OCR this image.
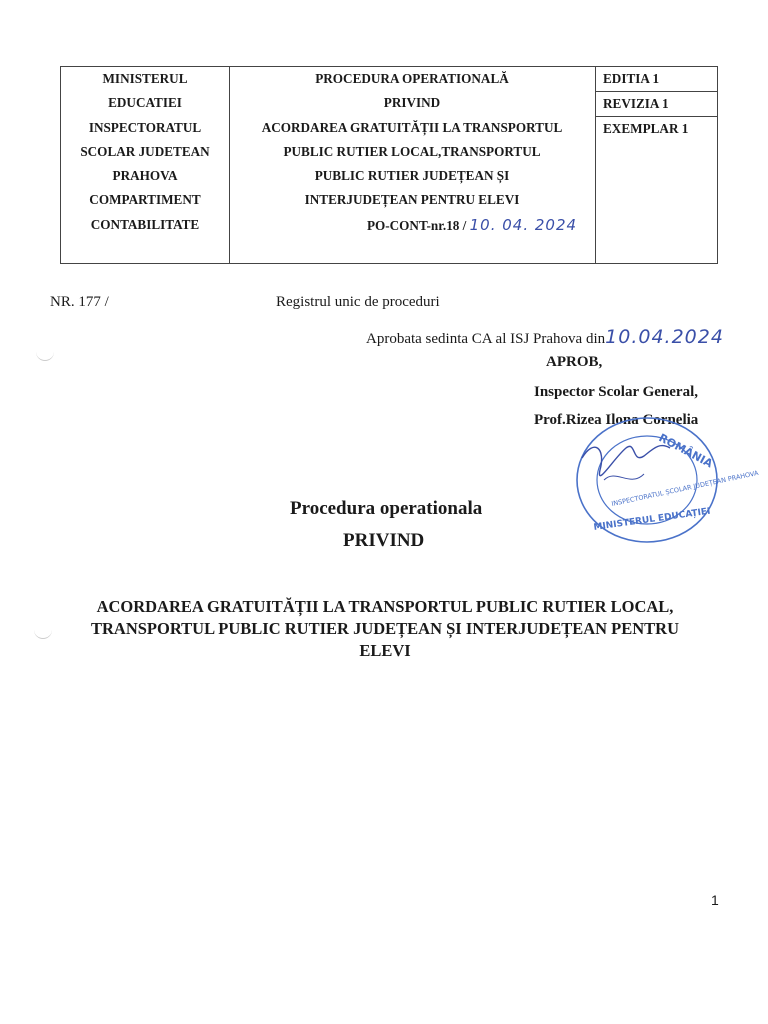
MINISTERUL
EDUCATIEI
INSPECTORATUL
SCOLAR JUDETEAN
PRAHOVA
COMPARTIMENT
CONTABILITATE
PROCEDURA OPERATIONALĂ
PRIVIND
ACORDAREA GRATUITĂȚII LA TRANSPORTUL
PUBLIC RUTIER LOCAL,TRANSPORTUL
PUBLIC RUTIER JUDEȚEAN ȘI
INTERJUDEȚEAN PENTRU ELEVI
PO-CONT-nr.18 / 10. 04. 2024
EDITIA 1
REVIZIA 1
EXEMPLAR 1
NR. 177 /	Registrul unic de proceduri
Aprobata sedinta CA al ISJ Prahova din10.04.2024
APROB,
Inspector Scolar General,
Prof.Rizea Ilona Cornelia
ROMÂNIA
MINISTERUL EDUCAȚIEI
INSPECTORATUL ȘCOLAR JUDEȚEAN PRAHOVA
Procedura operationala
PRIVIND
ACORDAREA GRATUITĂȚII LA TRANSPORTUL PUBLIC RUTIER LOCAL,
TRANSPORTUL PUBLIC RUTIER JUDEȚEAN ȘI INTERJUDEȚEAN PENTRU
ELEVI
1
